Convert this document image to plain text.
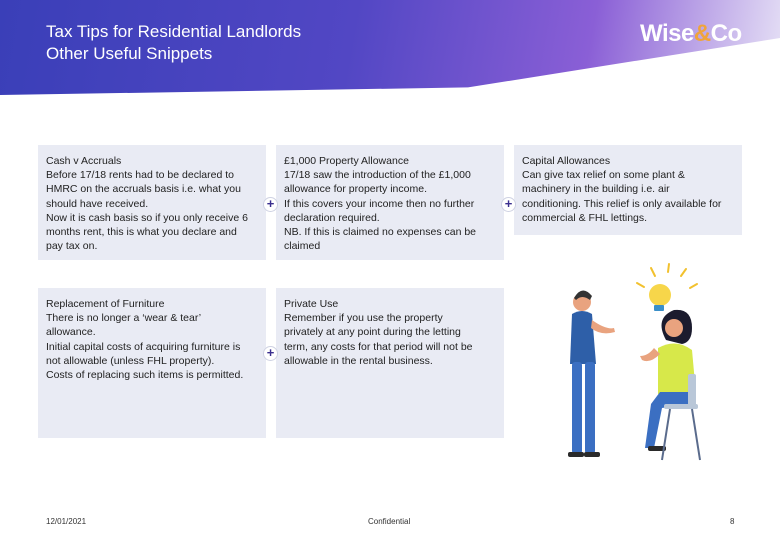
Tax Tips for Residential Landlords
Other Useful Snippets
Wise&Co
Cash v Accruals

Before 17/18 rents had to be declared to

HMRC on the accruals basis i.e. what you

should have received.

Now it is cash basis so if you only receive 6

months rent, this is what you declare and

pay tax on.

£1,000 Property Allowance

17/18 saw the introduction of the £1,000

allowance for property income.

If this covers your income then no further

declaration required.

NB. If this is claimed no expenses can be

claimed

Capital Allowances

Can give tax relief on some plant &

machinery in the building i.e. air

conditioning. This relief is only available for

commercial & FHL lettings.

Replacement of Furniture

There is no longer a ‘wear & tear’

allowance.

Initial capital costs of acquiring furniture is

not allowable (unless FHL property).

Costs of replacing such items is permitted.

Private Use

Remember if you use the property

privately at any point during the letting

term, any costs for that period will not be

allowable in the rental business.

+	+
+
12/01/2021	Confidential	8
